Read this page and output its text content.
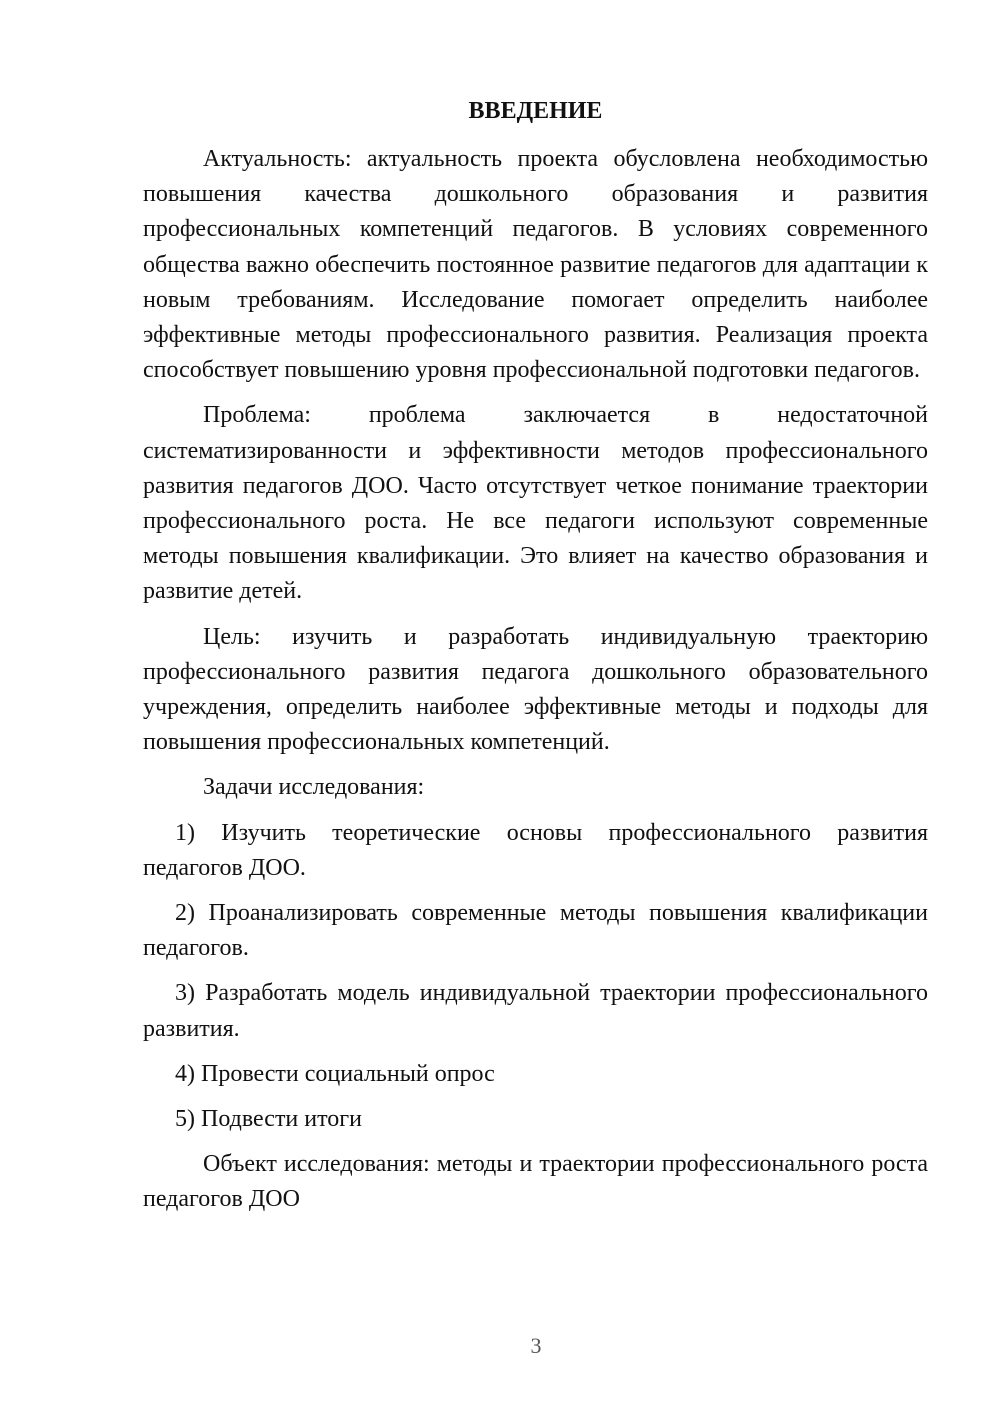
ВВЕДЕНИЕ

Актуальность: актуальность проекта обусловлена необходимостью повышения качества дошкольного образования и развития профессиональных компетенций педагогов. В условиях современного общества важно обеспечить постоянное развитие педагогов для адаптации к новым требованиям. Исследование помогает определить наиболее эффективные методы профессионального развития. Реализация проекта способствует повышению уровня профессиональной подготовки педагогов.

Проблема: проблема заключается в недостаточной систематизированности и эффективности методов профессионального развития педагогов ДОО. Часто отсутствует четкое понимание траектории профессионального роста. Не все педагоги используют современные методы повышения квалификации. Это влияет на качество образования и развитие детей.

Цель: изучить и разработать индивидуальную траекторию профессионального развития педагога дошкольного образовательного учреждения, определить наиболее эффективные методы и подходы для повышения профессиональных компетенций.

Задачи исследования:

1) Изучить теоретические основы профессионального развития педагогов ДОО.

2) Проанализировать современные методы повышения квалификации педагогов.

3) Разработать модель индивидуальной траектории профессионального развития.

4) Провести социальный опрос

5) Подвести итоги

Объект исследования: методы и траектории профессионального роста педагогов ДОО

3
